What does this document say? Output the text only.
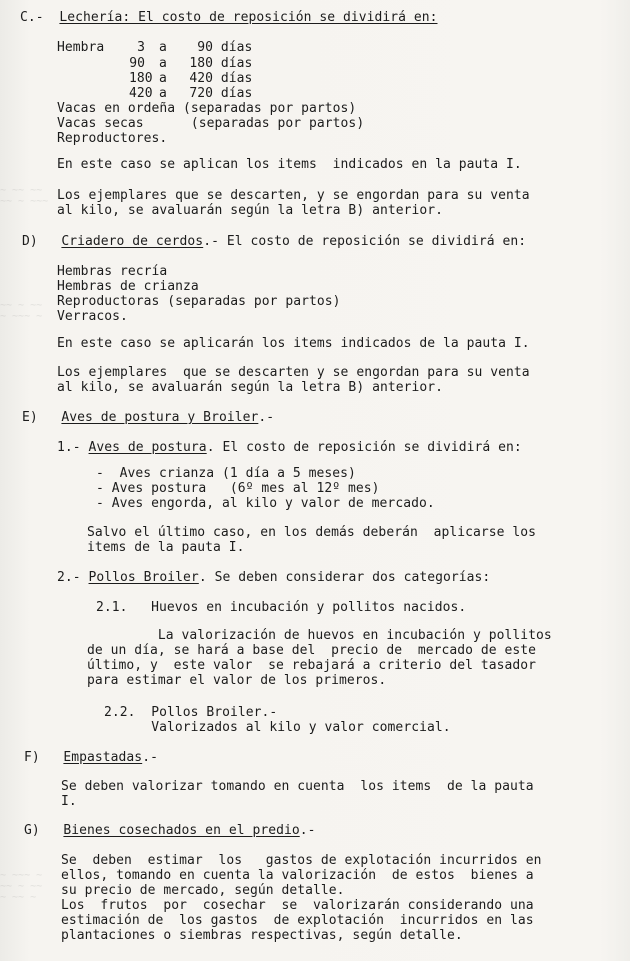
~ ~~ ~~
~~ ~ ~~~
~~ ~ ~~
~ ~~~ ~
~ ~~~ ~
~~ ~ ~~
~ ~~ ~
C.- Lechería: El costo de reposición se dividirá en:
Hembra	3 a 90 días
90 a 180 días
180 a 420 días
420 a 720 días
Vacas en ordeña (separadas por partos)
Vacas secas      (separadas por partos)
Reproductores.
En este caso se aplican los items  indicados en la pauta I.
Los ejemplares que se descarten, y se engordan para su venta
al kilo, se avaluarán según la letra B) anterior.
D) Criadero de cerdos.- El costo de reposición se dividirá en:
Hembras recría
Hembras de crianza
Reproductoras (separadas por partos)
Verracos.
En este caso se aplicarán los items indicados de la pauta I.
Los ejemplares  que se descarten y se engordan para su venta
al kilo, se avaluarán según la letra B) anterior.
E) Aves de postura y Broiler.-
1.- Aves de postura. El costo de reposición se dividirá en:
-  Aves crianza (1 día a 5 meses)
- Aves postura   (6º mes al 12º mes)
- Aves engorda, al kilo y valor de mercado.
Salvo el último caso, en los demás deberán  aplicarse los
items de la pauta I.
2.- Pollos Broiler. Se deben considerar dos categorías:
2.1.   Huevos en incubación y pollitos nacidos.
La valorización de huevos en incubación y pollitos
de un día, se hará a base del  precio de  mercado de este
último, y  este valor  se rebajará a criterio del tasador
para estimar el valor de los primeros.
2.2.  Pollos Broiler.-
Valorizados al kilo y valor comercial.
F) Empastadas.-
Se deben valorizar tomando en cuenta  los items  de la pauta
I.
G) Bienes cosechados en el predio.-
Se  deben  estimar  los   gastos de explotación incurridos en
ellos, tomando en cuenta la valorización  de estos  bienes a
su precio de mercado, según detalle.
Los  frutos  por  cosechar  se  valorizarán considerando una
estimación de  los gastos  de explotación  incurridos en las
plantaciones o siembras respectivas, según detalle.
